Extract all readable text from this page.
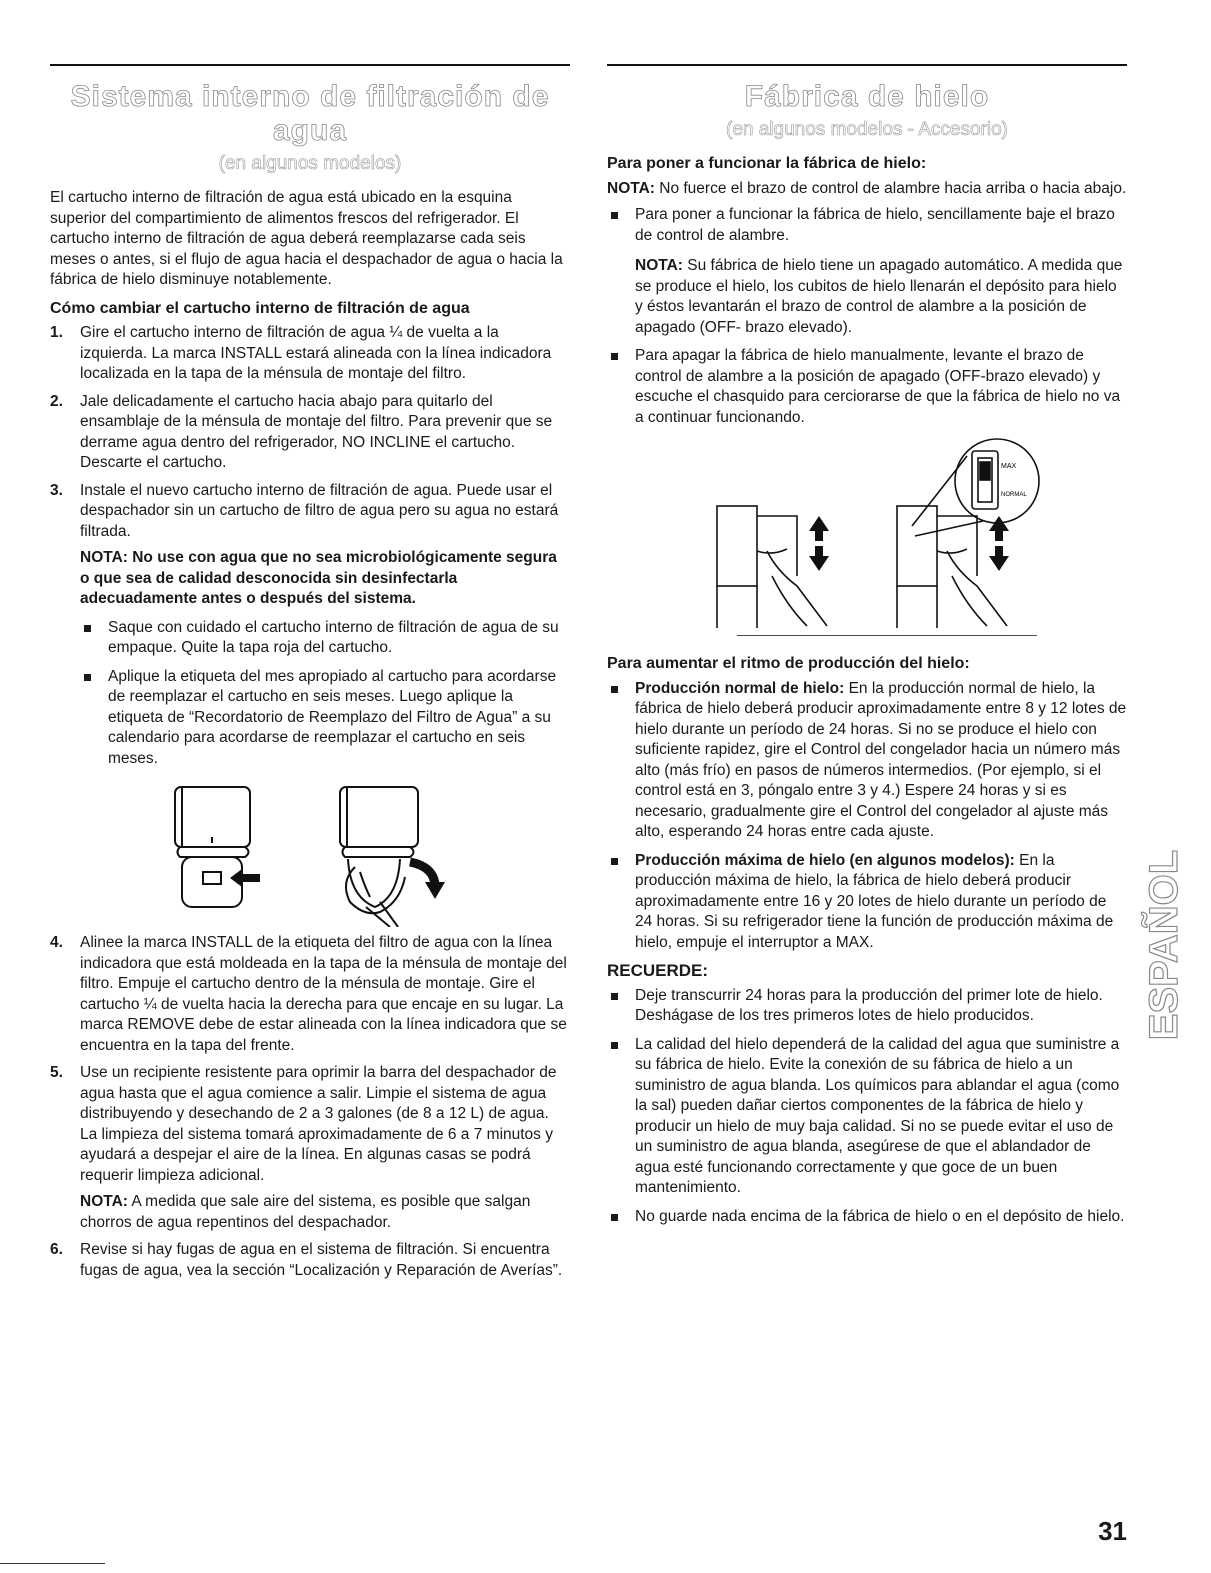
Sistema interno de filtración de agua
(en algunos modelos)

El cartucho interno de filtración de agua está ubicado en la esquina superior del compartimiento de alimentos frescos del refrigerador. El cartucho interno de filtración de agua deberá reemplazarse cada seis meses o antes, si el flujo de agua hacia el despachador de agua o hacia la fábrica de hielo disminuye notablemente.

Cómo cambiar el cartucho interno de filtración de agua
1. Gire el cartucho interno de filtración de agua ¼ de vuelta a la izquierda. La marca INSTALL estará alineada con la línea indicadora localizada en la tapa de la ménsula de montaje del filtro.
2. Jale delicadamente el cartucho hacia abajo para quitarlo del ensamblaje de la ménsula de montaje del filtro. Para prevenir que se derrame agua dentro del refrigerador, NO INCLINE el cartucho. Descarte el cartucho.
3. Instale el nuevo cartucho interno de filtración de agua. Puede usar el despachador sin un cartucho de filtro de agua pero su agua no estará filtrada.
NOTA: No use con agua que no sea microbiológicamente segura o que sea de calidad desconocida sin desinfectarla adecuadamente antes o después del sistema.
Saque con cuidado el cartucho interno de filtración de agua de su empaque. Quite la tapa roja del cartucho.
Aplique la etiqueta del mes apropiado al cartucho para acordarse de reemplazar el cartucho en seis meses. Luego aplique la etiqueta de “Recordatorio de Reemplazo del Filtro de Agua” a su calendario para acordarse de reemplazar el cartucho en seis meses.
4. Alinee la marca INSTALL de la etiqueta del filtro de agua con la línea indicadora que está moldeada en la tapa de la ménsula de montaje del filtro. Empuje el cartucho dentro de la ménsula de montaje. Gire el cartucho ¼ de vuelta hacia la derecha para que encaje en su lugar. La marca REMOVE debe de estar alineada con la línea indicadora que se encuentra en la tapa del frente.
5. Use un recipiente resistente para oprimir la barra del despachador de agua hasta que el agua comience a salir. Limpie el sistema de agua distribuyendo y desechando de 2 a 3 galones (de 8 a 12 L) de agua. La limpieza del sistema tomará aproximadamente de 6 a 7 minutos y ayudará a despejar el aire de la línea. En algunas casas se podrá requerir limpieza adicional.
NOTA: A medida que sale aire del sistema, es posible que salgan chorros de agua repentinos del despachador.
6. Revise si hay fugas de agua en el sistema de filtración. Si encuentra fugas de agua, vea la sección “Localización y Reparación de Averías”.
Fábrica de hielo
(en algunos modelos - Accesorio)
Para poner a funcionar la fábrica de hielo:

NOTA: No fuerce el brazo de control de alambre hacia arriba o hacia abajo.

Para poner a funcionar la fábrica de hielo, sencillamente baje el brazo de control de alambre.
NOTA: Su fábrica de hielo tiene un apagado automático. A medida que se produce el hielo, los cubitos de hielo llenarán el depósito para hielo y éstos levantarán el brazo de control de alambre a la posición de apagado (OFF- brazo elevado).
Para apagar la fábrica de hielo manualmente, levante el brazo de control de alambre a la posición de apagado (OFF-brazo elevado) y escuche el chasquido para cerciorarse de que la fábrica de hielo no va a continuar funcionando.
MAX
NORMAL
Para aumentar el ritmo de producción del hielo:
Producción normal de hielo: En la producción normal de hielo, la fábrica de hielo deberá producir aproximadamente entre 8 y 12 lotes de hielo durante un período de 24 horas. Si no se produce el hielo con suficiente rapidez, gire el Control del congelador hacia un número más alto (más frío) en pasos de números intermedios. (Por ejemplo, si el control está en 3, póngalo entre 3 y 4.) Espere 24 horas y si es necesario, gradualmente gire el Control del congelador al ajuste más alto, esperando 24 horas entre cada ajuste.
Producción máxima de hielo (en algunos modelos): En la producción máxima de hielo, la fábrica de hielo deberá producir aproximadamente entre 16 y 20 lotes de hielo durante un período de 24 horas. Si su refrigerador tiene la función de producción máxima de hielo, empuje el interruptor a MAX.
RECUERDE:
Deje transcurrir 24 horas para la producción del primer lote de hielo. Deshágase de los tres primeros lotes de hielo producidos.
La calidad del hielo dependerá de la calidad del agua que suministre a su fábrica de hielo. Evite la conexión de su fábrica de hielo a un suministro de agua blanda. Los químicos para ablandar el agua (como la sal) pueden dañar ciertos componentes de la fábrica de hielo y producir un hielo de muy baja calidad. Si no se puede evitar el uso de un suministro de agua blanda, asegúrese de que el ablandador de agua esté funcionando correctamente y que goce de un buen mantenimiento.
No guarde nada encima de la fábrica de hielo o en el depósito de hielo.
ESPAÑOL
31
